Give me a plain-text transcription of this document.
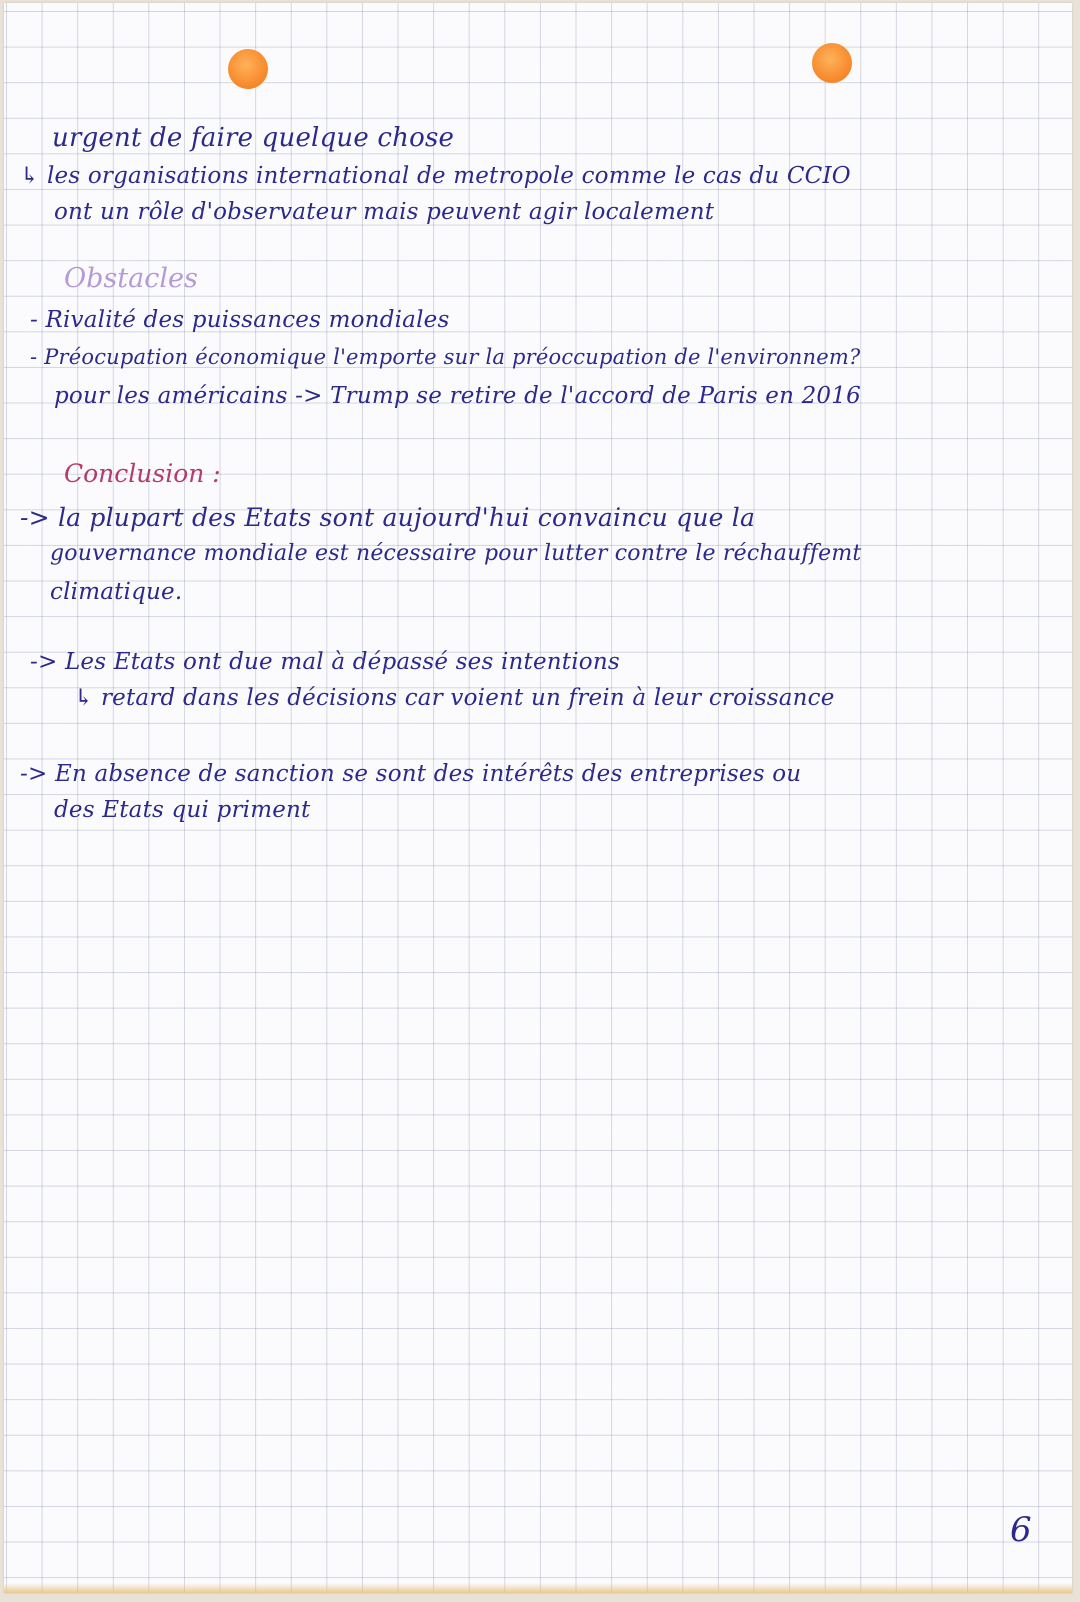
urgent de faire quelque chose

↳ les organisations international de metropole comme le cas du CCIO

ont un rôle d'observateur mais peuvent agir localement

Obstacles

- Rivalité des puissances mondiales

- Préocupation économique l'emporte sur la préoccupation de l'environnem?

pour les américains -> Trump se retire de l'accord de Paris en 2016

Conclusion :

-> la plupart des Etats sont aujourd'hui convaincu que la

gouvernance mondiale est nécessaire pour lutter contre le réchauffemt

climatique.

-> Les Etats ont due mal à dépassé ses intentions

↳ retard dans les décisions car voient un frein à leur croissance

-> En absence de sanction se sont des intérêts des entreprises ou

des Etats qui priment

6
